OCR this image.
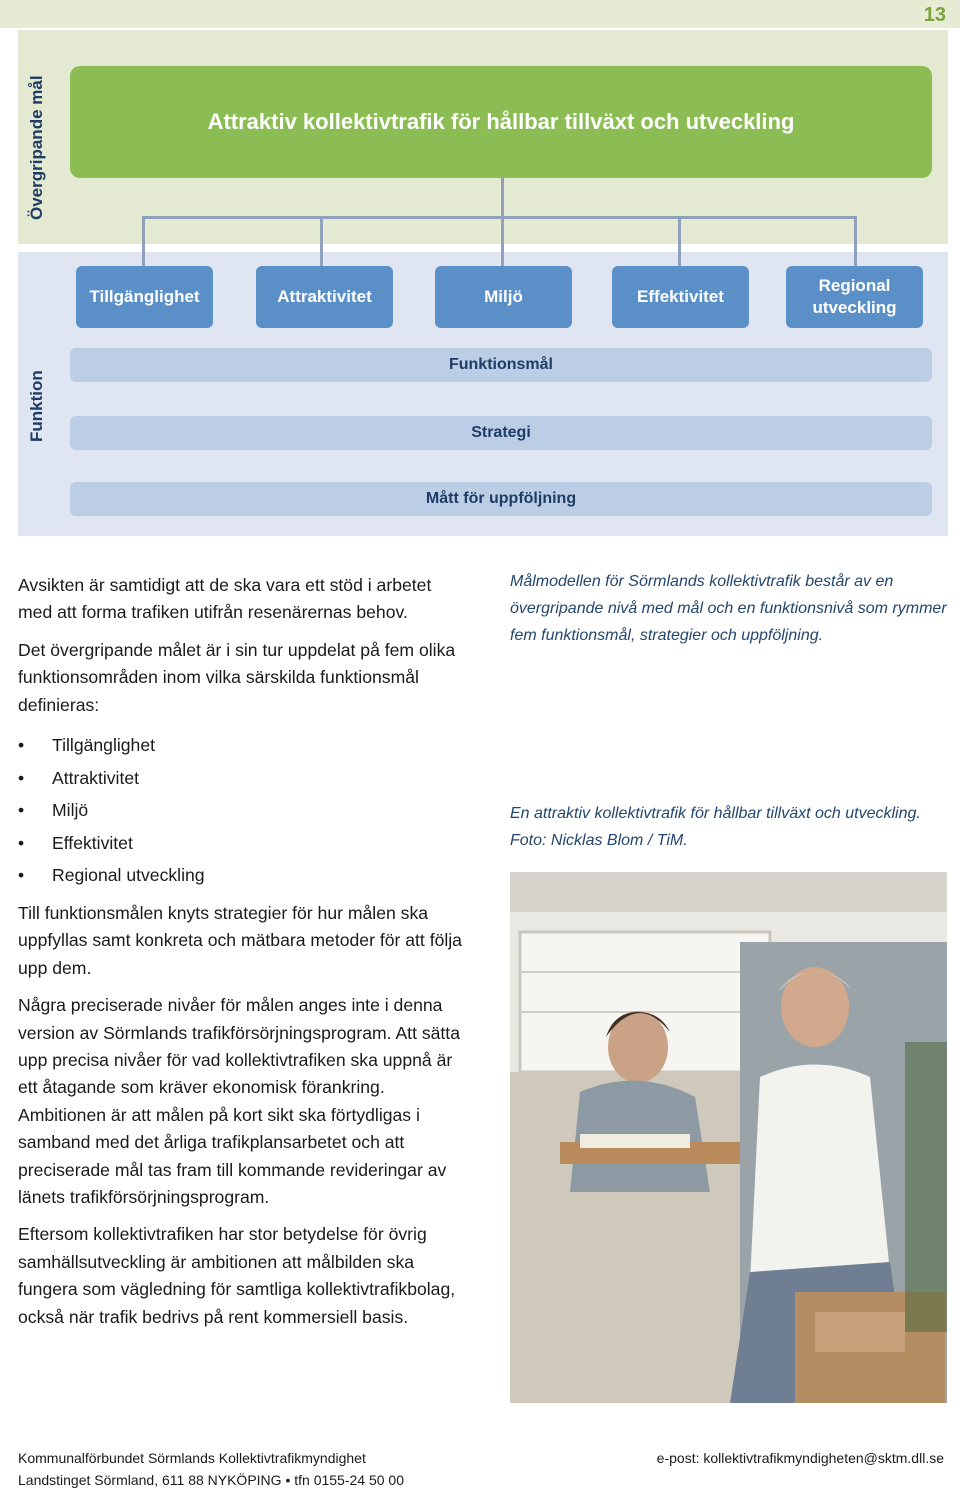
13
Övergripande mål
Funktion
Attraktiv kollektivtrafik för hållbar tillväxt och utveckling
Tillgänglighet	Attraktivitet	Miljö	Effektivitet
Regional
utveckling
Funktionsmål
Strategi
Mått för uppföljning

Avsikten är samtidigt att de ska vara ett stöd i arbetet med att forma trafiken utifrån resenärernas behov.

Det övergripande målet är i sin tur uppdelat på fem olika funktionsområden inom vilka särskilda funktionsmål definieras:

• Tillgänglighet
• Attraktivitet
• Miljö
• Effektivitet
• Regional utveckling

Till funktionsmålen knyts strategier för hur målen ska uppfyllas samt konkreta och mätbara metoder för att följa upp dem.

Några preciserade nivåer för målen anges inte i denna version av Sörmlands trafikförsörjningsprogram. Att sätta upp precisa nivåer för vad kollektivtrafiken ska uppnå är ett åtagande som kräver ekonomisk förankring. Ambitionen är att målen på kort sikt ska förtydligas i samband med det årliga trafikplansarbetet och att preciserade mål tas fram till kommande revideringar av länets trafikförsörjningsprogram.

Eftersom kollektivtrafiken har stor betydelse för övrig samhällsutveckling är ambitionen att målbilden ska fungera som vägledning för samtliga kollektivtrafikbolag, också när trafik bedrivs på rent kommersiell basis.

Målmodellen för Sörmlands kollektivtrafik består av en övergripande nivå med mål och en funktionsnivå som rymmer fem funktionsmål, strategier och uppföljning.
En attraktiv kollektivtrafik för hållbar tillväxt och utveckling. Foto: Nicklas Blom / TiM.
Kommunalförbundet Sörmlands Kollektivtrafikmyndighet
Landstinget Sörmland, 611 88 NYKÖPING • tfn 0155-24 50 00
e-post: kollektivtrafikmyndigheten@sktm.dll.se
